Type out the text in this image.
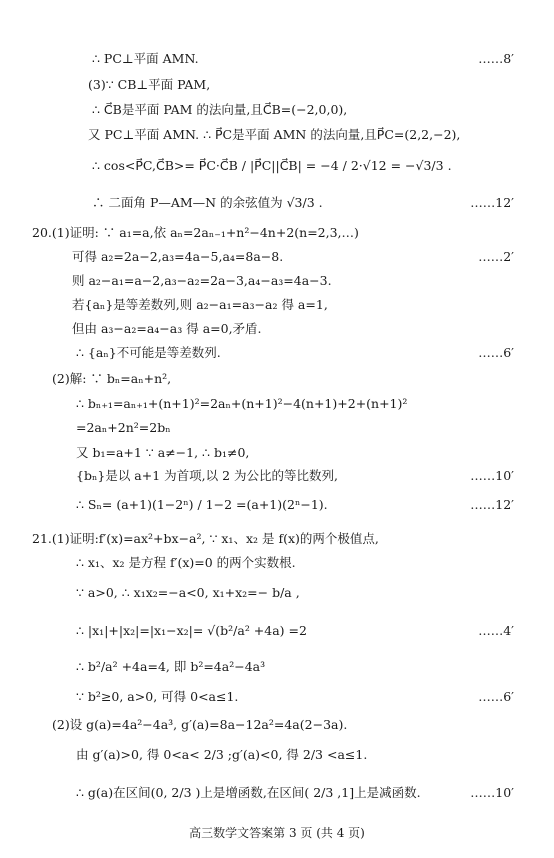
∴ PC⊥平面 AMN.	……8′
(3)∵ CB⊥平面 PAM,
∴ C⃗B是平面 PAM 的法向量,且C⃗B=(−2,0,0),
又 PC⊥平面 AMN. ∴ P⃗C是平面 AMN 的法向量,且P⃗C=(2,2,−2),
∴ cos<P⃗C,C⃗B>= P⃗C·C⃗B / |P⃗C||C⃗B| = −4 / 2·√12 = −√3/3 .
∴ 二面角 P—AM—N 的余弦值为 √3/3 .	……12′
20.(1)证明: ∵ a₁=a,依 aₙ=2aₙ₋₁+n²−4n+2(n=2,3,…)
可得 a₂=2a−2,a₃=4a−5,a₄=8a−8.	……2′
则 a₂−a₁=a−2,a₃−a₂=2a−3,a₄−a₃=4a−3.
若{aₙ}是等差数列,则 a₂−a₁=a₃−a₂ 得 a=1,
但由 a₃−a₂=a₄−a₃ 得 a=0,矛盾.
∴ {aₙ}不可能是等差数列.	……6′
(2)解: ∵ bₙ=aₙ+n²,
∴ bₙ₊₁=aₙ₊₁+(n+1)²=2aₙ+(n+1)²−4(n+1)+2+(n+1)²
=2aₙ+2n²=2bₙ
又 b₁=a+1 ∵ a≠−1, ∴ b₁≠0,
{bₙ}是以 a+1 为首项,以 2 为公比的等比数列,	……10′
∴ Sₙ= (a+1)(1−2ⁿ) / 1−2 =(a+1)(2ⁿ−1).	……12′
21.(1)证明:f′(x)=ax²+bx−a², ∵ x₁、x₂ 是 f(x)的两个极值点,
∴ x₁、x₂ 是方程 f′(x)=0 的两个实数根.
∵ a>0, ∴ x₁x₂=−a<0, x₁+x₂=− b/a ,
∴ |x₁|+|x₂|=|x₁−x₂|= √(b²/a² +4a) =2	……4′
∴ b²/a² +4a=4, 即 b²=4a²−4a³
∵ b²≥0, a>0, 可得 0<a≤1.	……6′
(2)设 g(a)=4a²−4a³, g′(a)=8a−12a²=4a(2−3a).
由 g′(a)>0, 得 0<a< 2/3 ;g′(a)<0, 得 2/3 <a≤1.
∴ g(a)在区间(0, 2/3 )上是增函数,在区间( 2/3 ,1]上是减函数.	……10′
高三数学文答案第 3 页 (共 4 页)
